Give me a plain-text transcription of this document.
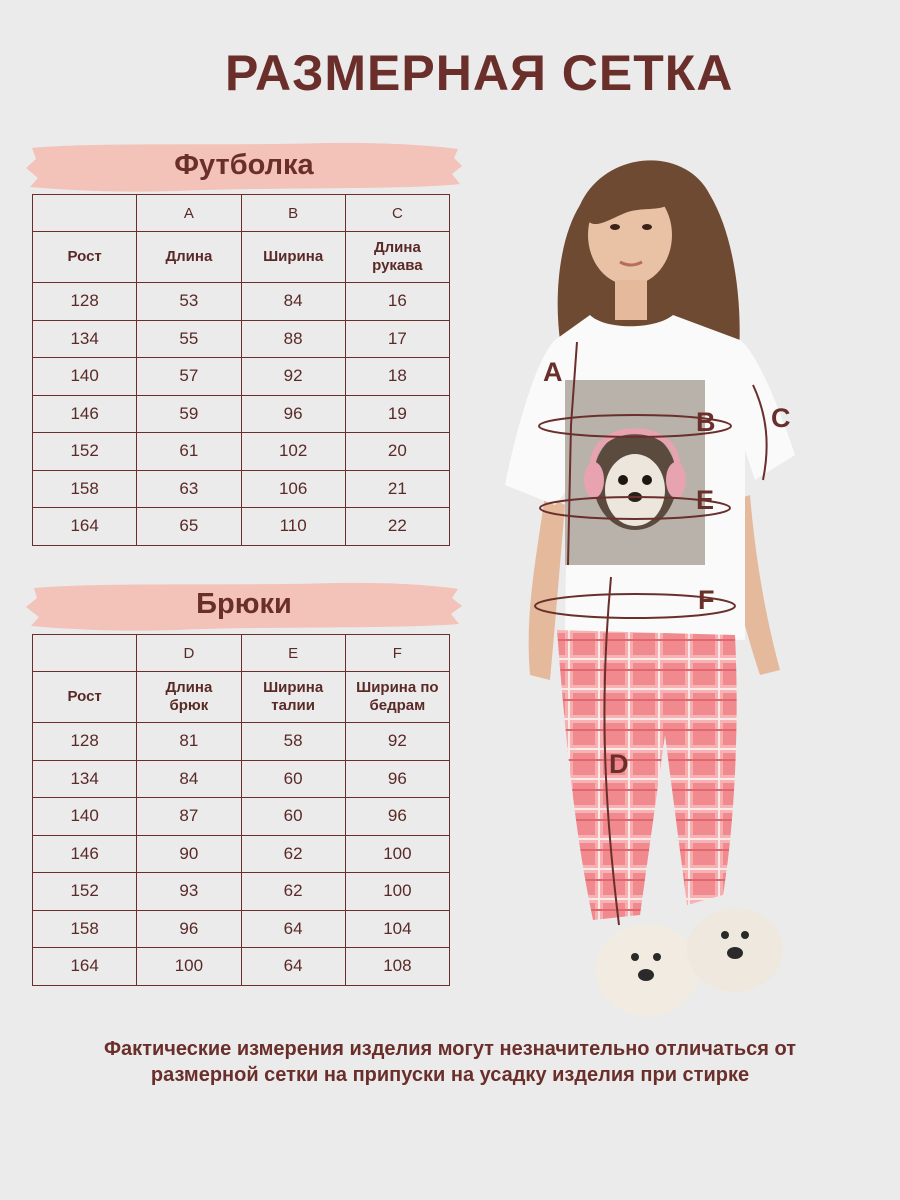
РАЗМЕРНАЯ СЕТКА
Футболка
	A	B	C
Рост	Длина	Ширина	Длина рукава
128	53	84	16
134	55	88	17
140	57	92	18
146	59	96	19
152	61	102	20
158	63	106	21
164	65	110	22
Брюки
	D	E	F
Рост	Длина брюк	Ширина талии	Ширина по бедрам
128	81	58	92
134	84	60	96
140	87	60	96
146	90	62	100
152	93	62	100
158	96	64	104
164	100	64	108
A
B C
E
F
D
Фактические измерения изделия могут незначительно отличаться от размерной сетки на припуски на усадку изделия при стирке
